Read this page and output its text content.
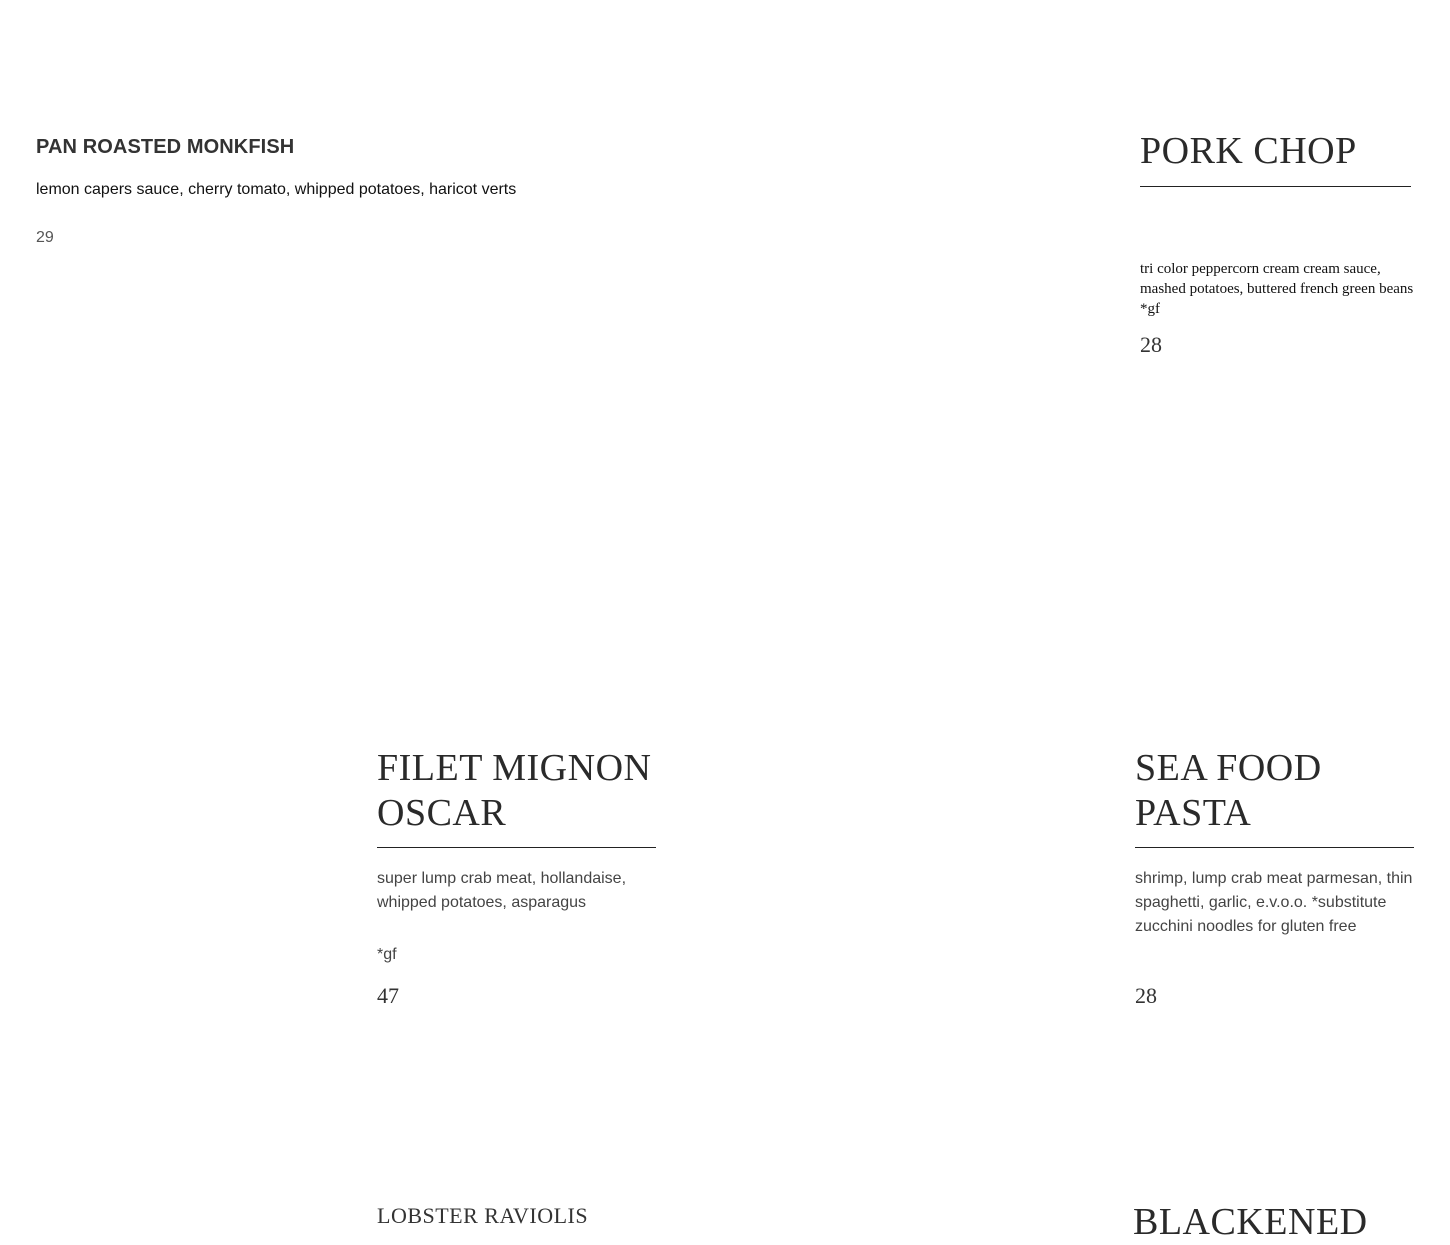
PAN ROASTED MONKFISH
lemon capers sauce, cherry tomato, whipped potatoes, haricot verts
29
PORK CHOP
tri color peppercorn cream cream sauce, mashed potatoes, buttered french green beans *gf
28
FILET MIGNON OSCAR
super lump crab meat, hollandaise, whipped potatoes, asparagus
*gf
47
SEA FOOD PASTA
shrimp, lump crab meat parmesan, thin spaghetti, garlic, e.v.o.o. *substitute zucchini noodles for gluten free
28
LOBSTER RAVIOLIS	BLACKENED
